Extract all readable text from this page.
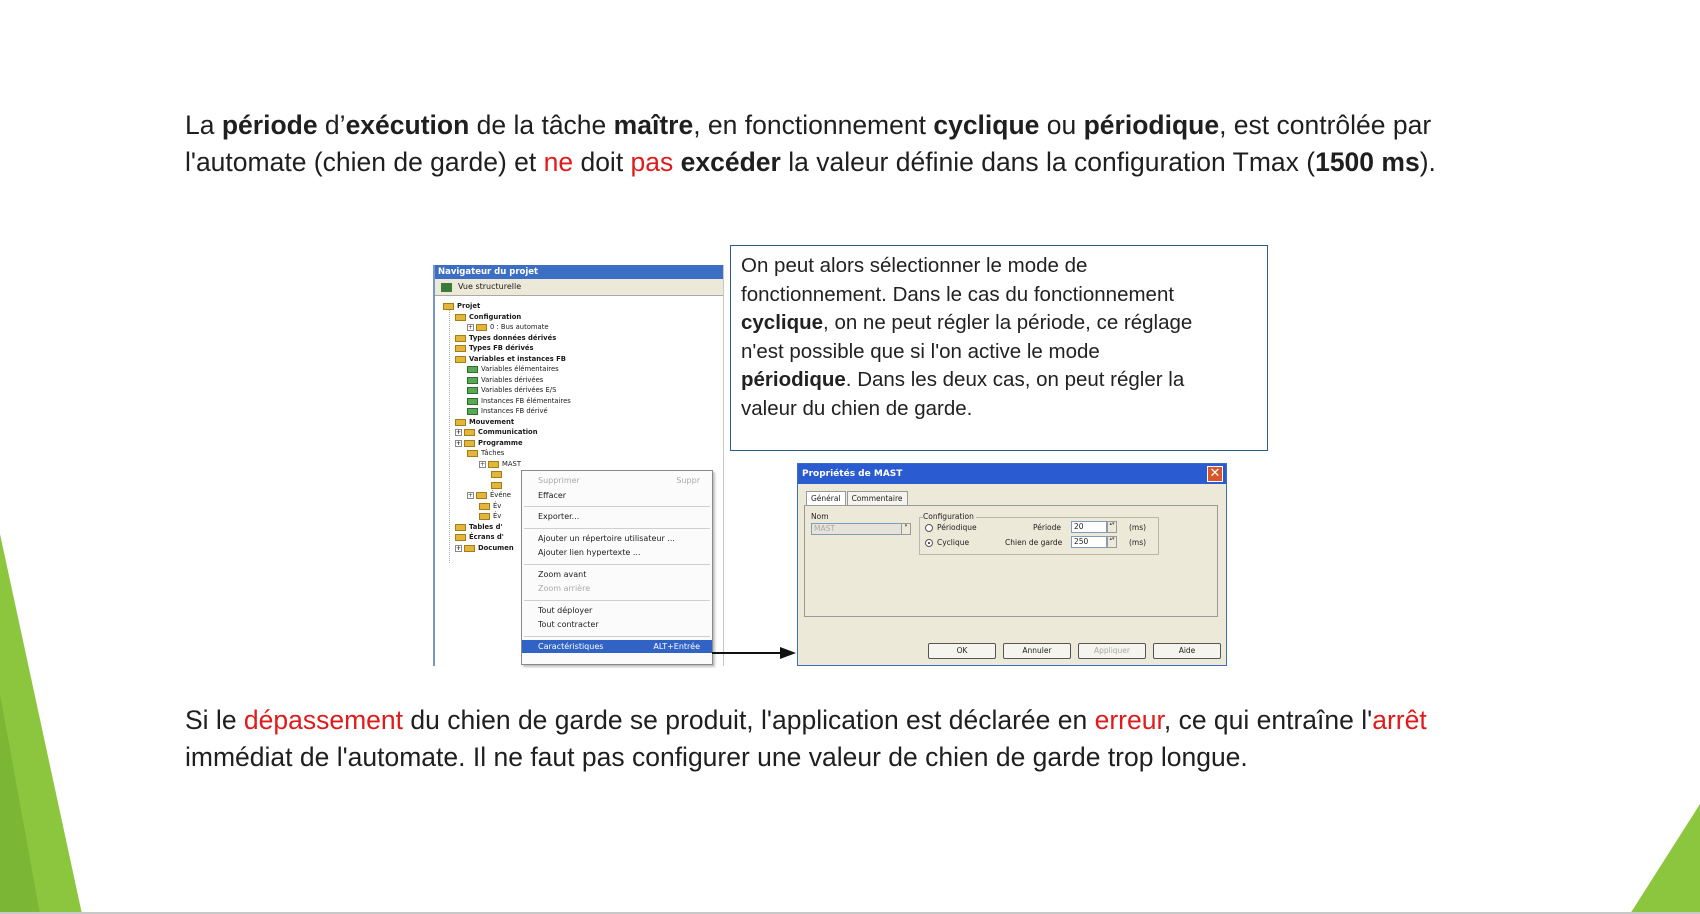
La période d’exécution de la tâche maître, en fonctionnement cyclique ou périodique, est contrôlée par
l'automate (chien de garde) et ne doit pas excéder la valeur définie dans la configuration Tmax (1500 ms).
On peut alors sélectionner le mode de
fonctionnement. Dans le cas du fonctionnement
cyclique, on ne peut régler la période, ce réglage
n'est possible que si l'on active le mode
périodique. Dans les deux cas, on peut régler la
valeur du chien de garde.
Navigateur du projet
Vue structurelle
Projet
Configuration
+ 0 : Bus automate
Types données dérivés
Types FB dérivés
Variables et instances FB
Variables élémentaires
Variables dérivées
Variables dérivées E/S
Instances FB élémentaires
Instances FB dérivé
Mouvement
+ Communication
+ Programme
Tâches
+ MAST
+ Événe
Év
Év
Tables d'
Écrans d'
+ Documen
Supprimer	Suppr
Effacer
Exporter...
Ajouter un répertoire utilisateur ...
Ajouter lien hypertexte ...
Zoom avant
Zoom arrière
Tout déployer
Tout contracter
Caractéristiques	ALT+Entrée
Propriétés de MAST	✕
Général	Commentaire
Nom
MAST	▾
Configuration
Périodique
Cyclique
Période	20	▴▾	(ms)
Chien de garde	250	▴▾	(ms)
OK	Annuler	Appliquer	Aide
Si le dépassement du chien de garde se produit, l'application est déclarée en erreur, ce qui entraîne l'arrêt
immédiat de l'automate. Il ne faut pas configurer une valeur de chien de garde trop longue.
